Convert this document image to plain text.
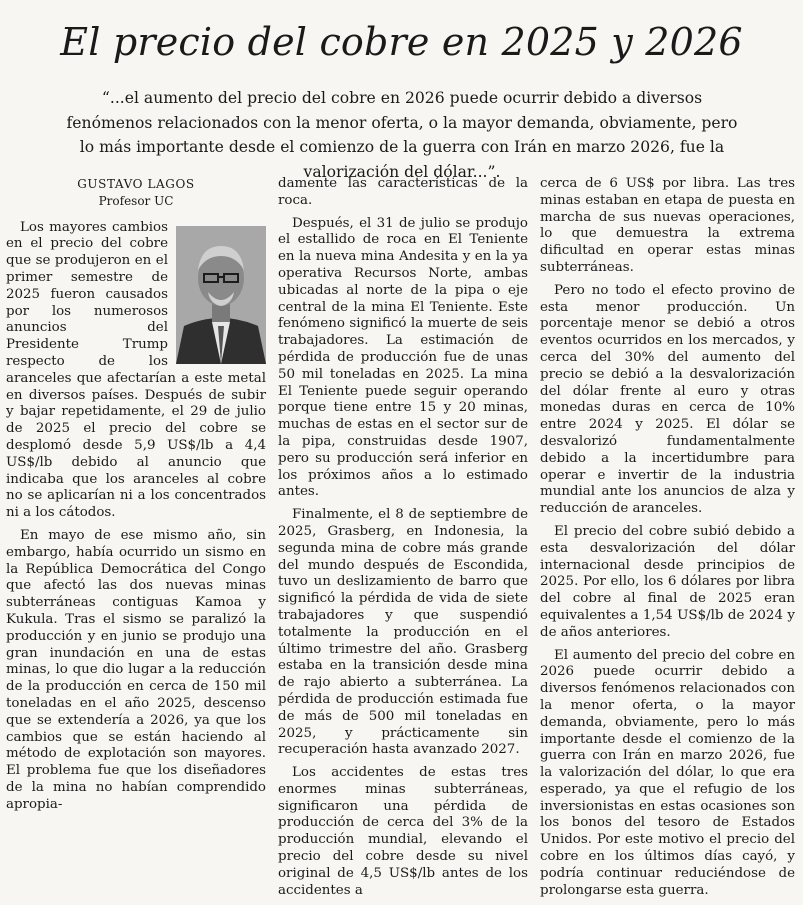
El precio del cobre en 2025 y 2026
“...el aumento del precio del cobre en 2026 puede ocurrir debido a diversos fenómenos relacionados con la menor oferta, o la mayor demanda, obviamente, pero lo más importante desde el comienzo de la guerra con Irán en marzo 2026, fue la valorización del dólar...”.
GUSTAVO LAGOS
Profesor UC

Los mayores cambios en el precio del cobre que se produjeron en el primer semestre de 2025 fueron causados por los numerosos anuncios del Presidente Trump respecto de los aranceles que afectarían a este metal en diversos países. Después de subir y bajar repetidamente, el 29 de julio de 2025 el precio del cobre se desplomó desde 5,9 US$/lb a 4,4 US$/lb debido al anuncio que indicaba que los aranceles al cobre no se aplicarían ni a los concentrados ni a los cátodos.

En mayo de ese mismo año, sin embargo, había ocurrido un sismo en la República Democrática del Congo que afectó las dos nuevas minas subterráneas contiguas Kamoa y Kukula. Tras el sismo se paralizó la producción y en junio se produjo una gran inundación en una de estas minas, lo que dio lugar a la reducción de la producción en cerca de 150 mil toneladas en el año 2025, descenso que se extendería a 2026, ya que los cambios que se están haciendo al método de explotación son mayores. El problema fue que los diseñadores de la mina no habían comprendido apropia-

damente las características de la roca.

Después, el 31 de julio se produjo el estallido de roca en El Teniente en la nueva mina Andesita y en la ya operativa Recursos Norte, ambas ubicadas al norte de la pipa o eje central de la mina El Teniente. Este fenómeno significó la muerte de seis trabajadores. La estimación de pérdida de producción fue de unas 50 mil toneladas en 2025. La mina El Teniente puede seguir operando porque tiene entre 15 y 20 minas, muchas de estas en el sector sur de la pipa, construidas desde 1907, pero su producción será inferior en los próximos años a lo estimado antes.

Finalmente, el 8 de septiembre de 2025, Grasberg, en Indonesia, la segunda mina de cobre más grande del mundo después de Escondida, tuvo un deslizamiento de barro que significó la pérdida de vida de siete trabajadores y que suspendió totalmente la producción en el último trimestre del año. Grasberg estaba en la transición desde mina de rajo abierto a subterránea. La pérdida de producción estimada fue de más de 500 mil toneladas en 2025, y prácticamente sin recuperación hasta avanzado 2027.

Los accidentes de estas tres enormes minas subterráneas, significaron una pérdida de producción de cerca del 3% de la producción mundial, elevando el precio del cobre desde su nivel original de 4,5 US$/lb antes de los accidentes a

cerca de 6 US$ por libra. Las tres minas estaban en etapa de puesta en marcha de sus nuevas operaciones, lo que demuestra la extrema dificultad en operar estas minas subterráneas.

Pero no todo el efecto provino de esta menor producción. Un porcentaje menor se debió a otros eventos ocurridos en los mercados, y cerca del 30% del aumento del precio se debió a la desvalorización del dólar frente al euro y otras monedas duras en cerca de 10% entre 2024 y 2025. El dólar se desvalorizó fundamentalmente debido a la incertidumbre para operar e invertir de la industria mundial ante los anuncios de alza y reducción de aranceles.

El precio del cobre subió debido a esta desvalorización del dólar internacional desde principios de 2025. Por ello, los 6 dólares por libra del cobre al final de 2025 eran equivalentes a 1,54 US$/lb de 2024 y de años anteriores.

El aumento del precio del cobre en 2026 puede ocurrir debido a diversos fenómenos relacionados con la menor oferta, o la mayor demanda, obviamente, pero lo más importante desde el comienzo de la guerra con Irán en marzo 2026, fue la valorización del dólar, lo que era esperado, ya que el refugio de los inversionistas en estas ocasiones son los bonos del tesoro de Estados Unidos. Por este motivo el precio del cobre en los últimos días cayó, y podría continuar reduciéndose de prolongarse esta guerra.
